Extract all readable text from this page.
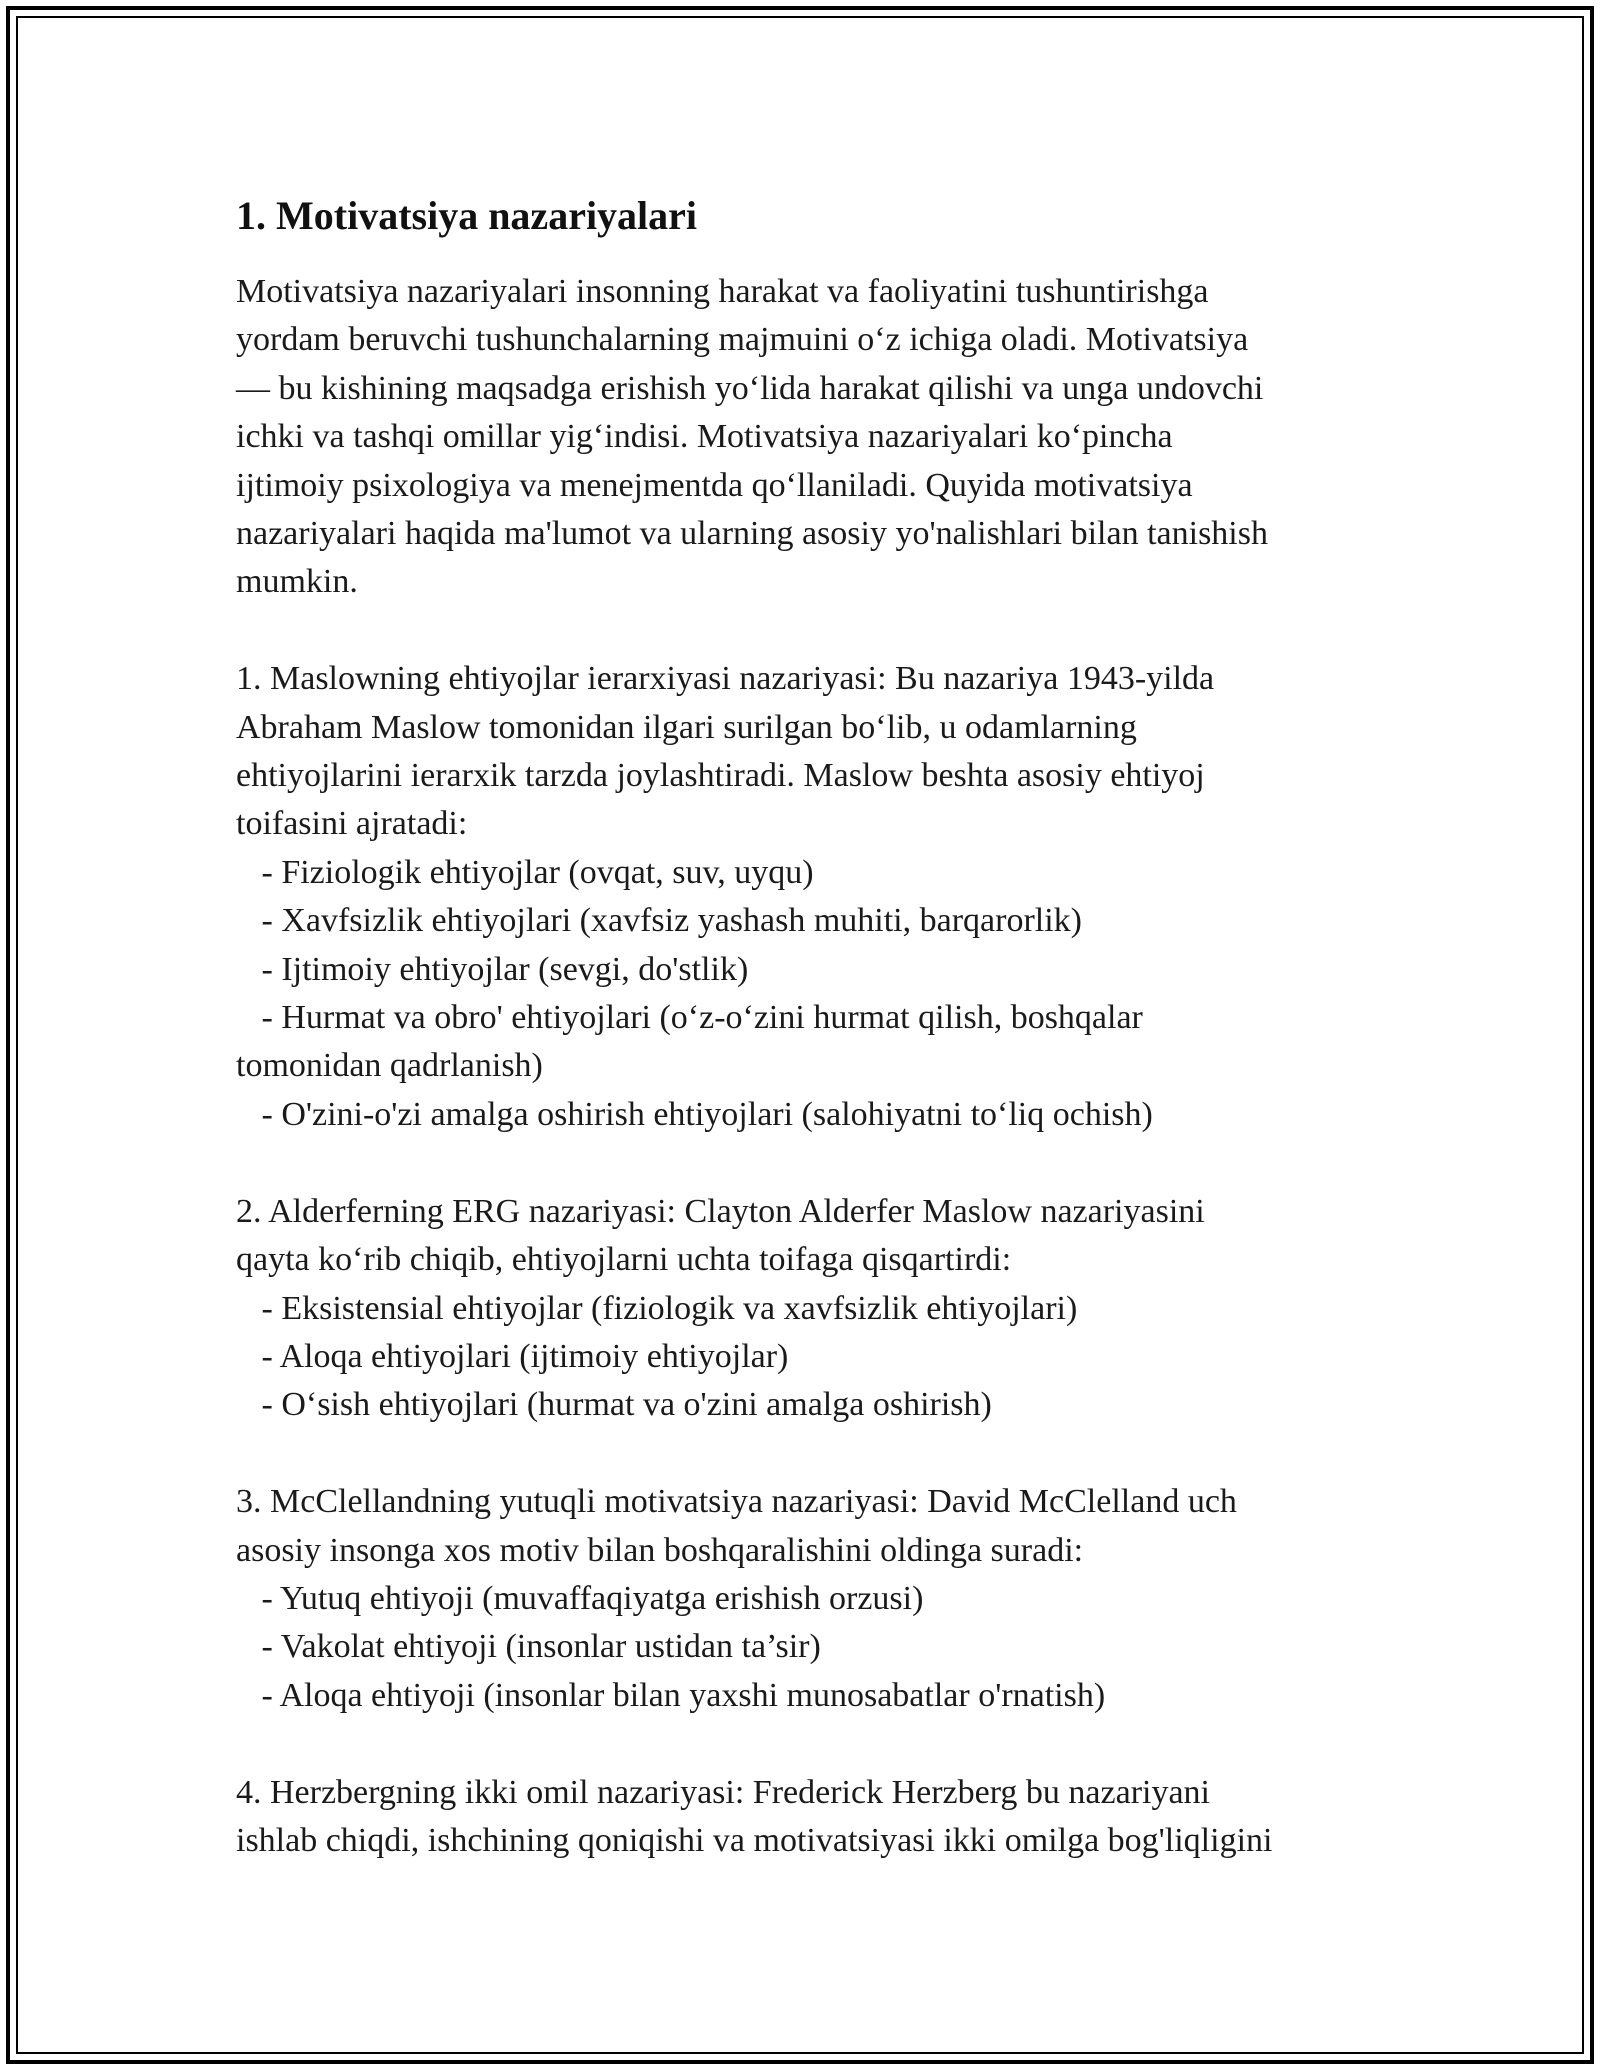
1. Motivatsiya nazariyalari
Motivatsiya nazariyalari insonning harakat va faoliyatini tushuntirishga
yordam beruvchi tushunchalarning majmuini o‘z ichiga oladi. Motivatsiya
— bu kishining maqsadga erishish yo‘lida harakat qilishi va unga undovchi
ichki va tashqi omillar yig‘indisi. Motivatsiya nazariyalari ko‘pincha
ijtimoiy psixologiya va menejmentda qo‘llaniladi. Quyida motivatsiya
nazariyalari haqida ma'lumot va ularning asosiy yo'nalishlari bilan tanishish
mumkin.
1. Maslowning ehtiyojlar ierarxiyasi nazariyasi: Bu nazariya 1943-yilda
Abraham Maslow tomonidan ilgari surilgan bo‘lib, u odamlarning
ehtiyojlarini ierarxik tarzda joylashtiradi. Maslow beshta asosiy ehtiyoj
toifasini ajratadi:
- Fiziologik ehtiyojlar (ovqat, suv, uyqu)
- Xavfsizlik ehtiyojlari (xavfsiz yashash muhiti, barqarorlik)
- Ijtimoiy ehtiyojlar (sevgi, do'stlik)
- Hurmat va obro' ehtiyojlari (o‘z-o‘zini hurmat qilish, boshqalar
tomonidan qadrlanish)
- O'zini-o'zi amalga oshirish ehtiyojlari (salohiyatni to‘liq ochish)
2. Alderferning ERG nazariyasi: Clayton Alderfer Maslow nazariyasini
qayta ko‘rib chiqib, ehtiyojlarni uchta toifaga qisqartirdi:
- Eksistensial ehtiyojlar (fiziologik va xavfsizlik ehtiyojlari)
- Aloqa ehtiyojlari (ijtimoiy ehtiyojlar)
- O‘sish ehtiyojlari (hurmat va o'zini amalga oshirish)
3. McClellandning yutuqli motivatsiya nazariyasi: David McClelland uch
asosiy insonga xos motiv bilan boshqaralishini oldinga suradi:
- Yutuq ehtiyoji (muvaffaqiyatga erishish orzusi)
- Vakolat ehtiyoji (insonlar ustidan ta’sir)
- Aloqa ehtiyoji (insonlar bilan yaxshi munosabatlar o'rnatish)
4. Herzbergning ikki omil nazariyasi: Frederick Herzberg bu nazariyani
ishlab chiqdi, ishchining qoniqishi va motivatsiyasi ikki omilga bog'liqligini
